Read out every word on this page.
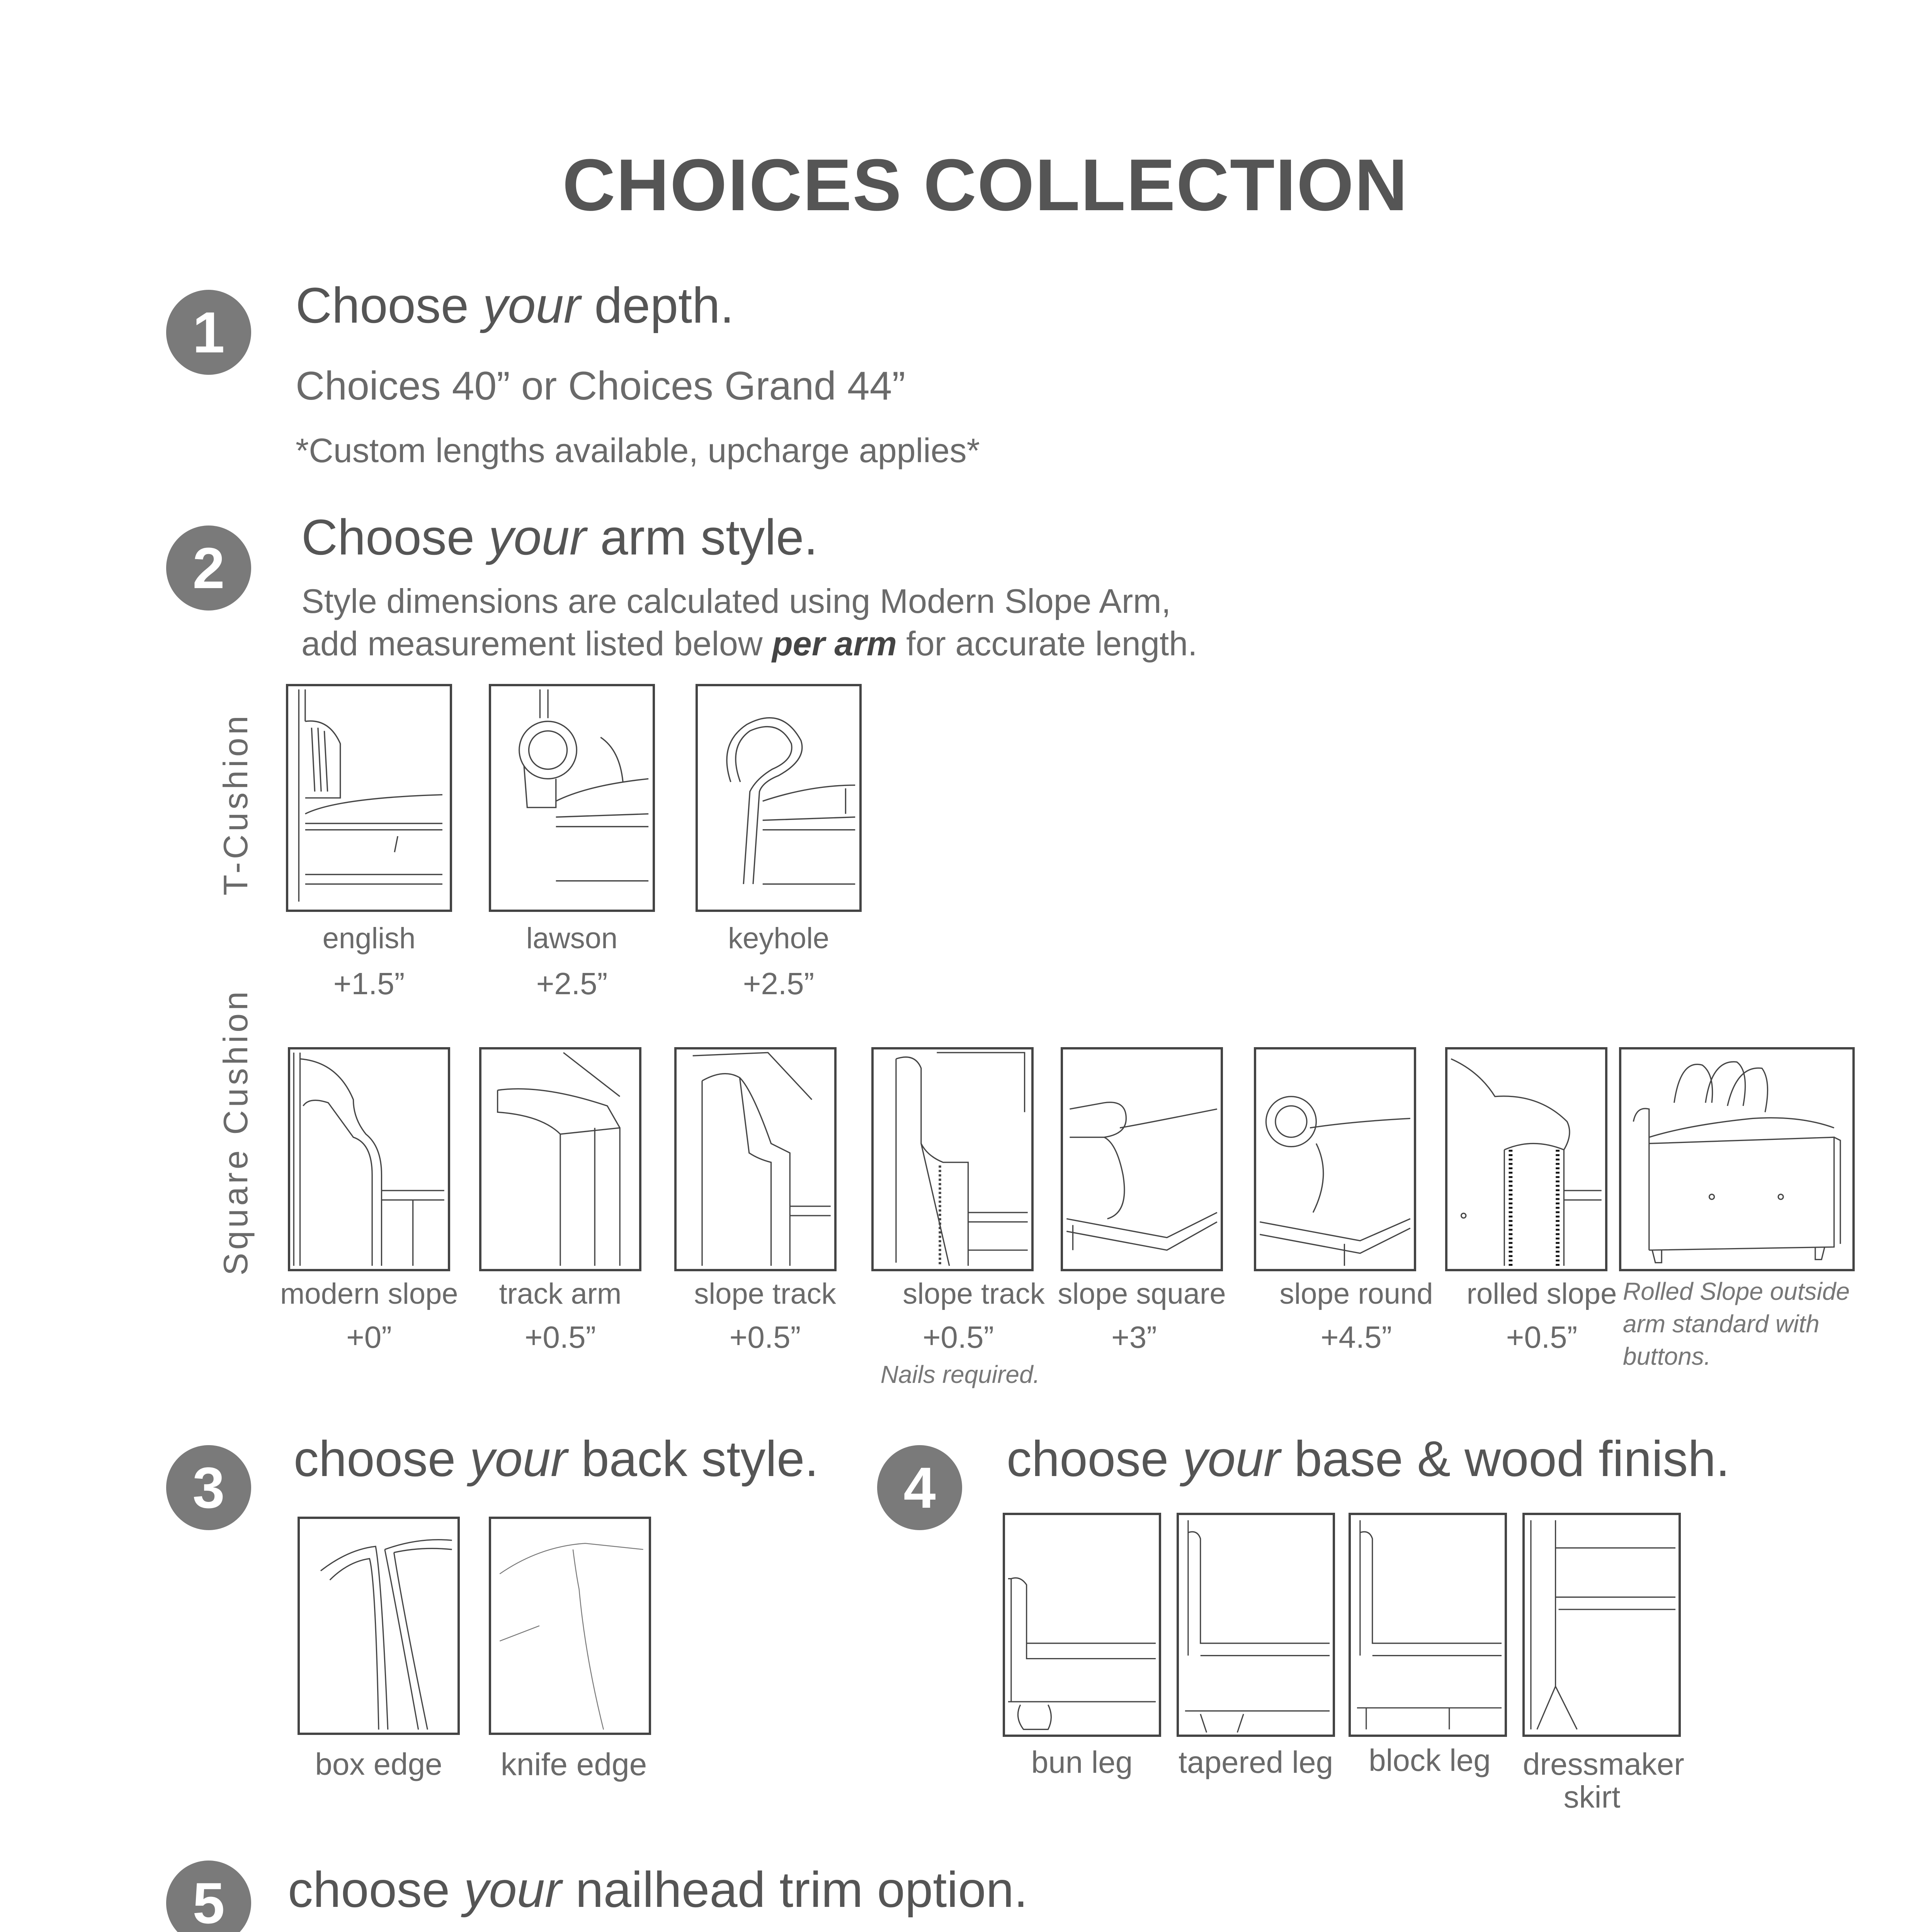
CHOICES COLLECTION
1	Choose your depth.
Choices 40” or Choices Grand 44”
*Custom lengths available, upcharge applies*
2	Choose your arm style.
Style dimensions are calculated using Modern Slope Arm,
add measurement listed below per arm for accurate length.
T-Cushion
english
+1.5”
lawson
+2.5”
keyhole
+2.5”
Square Cushion
modern slope
+0”
track arm
+0.5”
slope track
+0.5”
slope track
+0.5”
Nails required.
slope square
+3”
slope round
+4.5”
rolled slope
+0.5”
Rolled Slope outside arm standard with buttons.
3	choose your back style.
box edge	knife edge
4	choose your base & wood finish.
bun leg	tapered leg	block leg	dressmaker
skirt
5	choose your nailhead trim option.
